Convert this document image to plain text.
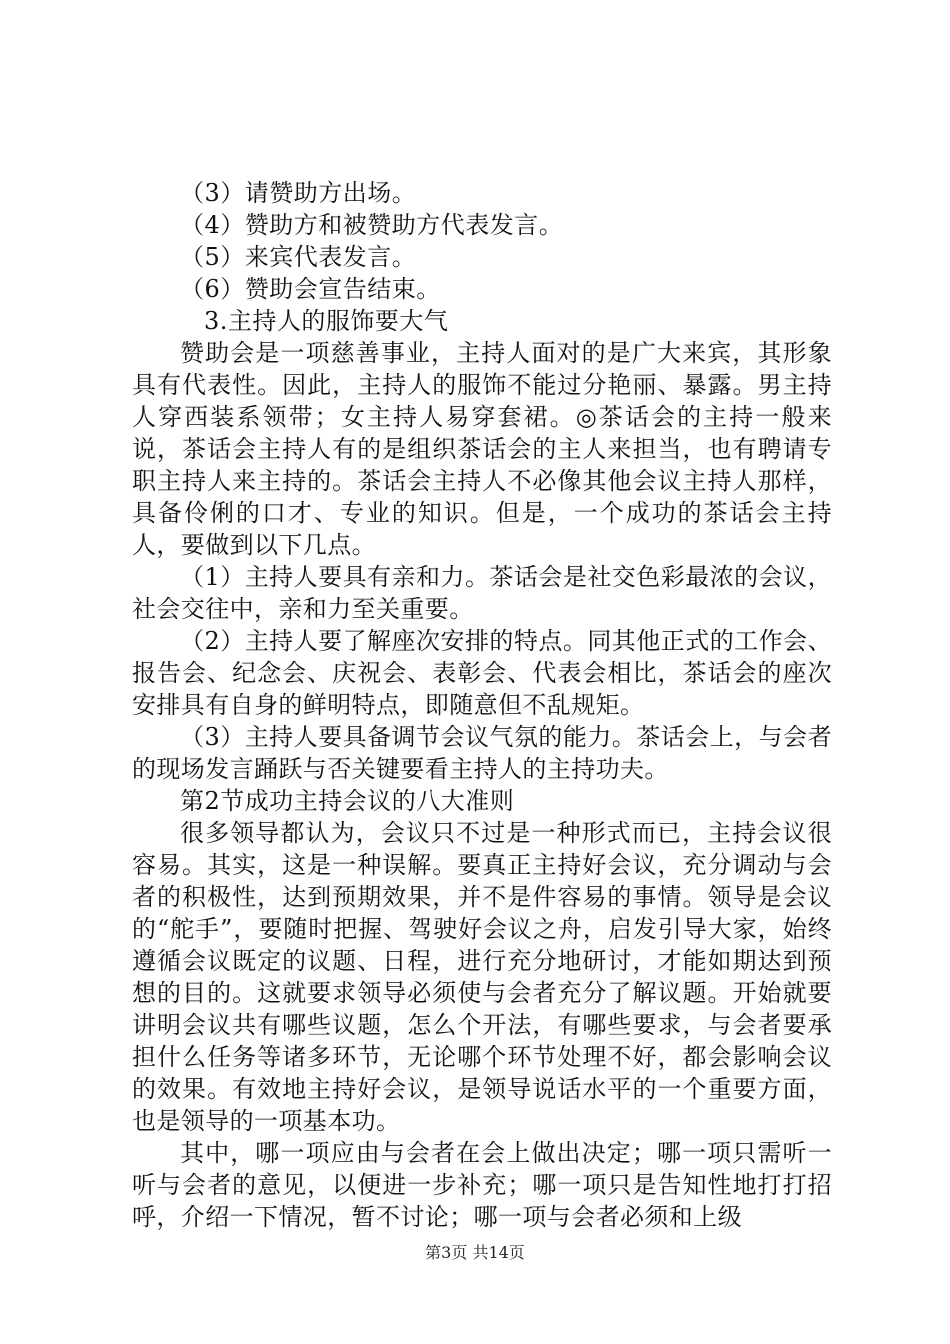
（3）请赞助方出场。
（4）赞助方和被赞助方代表发言。
（5）来宾代表发言。
（6）赞助会宣告结束。
3.主持人的服饰要大气

赞助会是一项慈善事业，主持人面对的是广大来宾，其形象具有代表性。因此，主持人的服饰不能过分艳丽、暴露。男主持人穿西装系领带；女主持人易穿套裙。◎茶话会的主持一般来说，茶话会主持人有的是组织茶话会的主人来担当，也有聘请专职主持人来主持的。茶话会主持人不必像其他会议主持人那样，具备伶俐的口才、专业的知识。但是，一个成功的茶话会主持人，要做到以下几点。

（1）主持人要具有亲和力。茶话会是社交色彩最浓的会议，社会交往中，亲和力至关重要。

（2）主持人要了解座次安排的特点。同其他正式的工作会、报告会、纪念会、庆祝会、表彰会、代表会相比，茶话会的座次安排具有自身的鲜明特点，即随意但不乱规矩。

（3）主持人要具备调节会议气氛的能力。茶话会上，与会者的现场发言踊跃与否关键要看主持人的主持功夫。

第2节成功主持会议的八大准则

很多领导都认为，会议只不过是一种形式而已，主持会议很容易。其实，这是一种误解。要真正主持好会议，充分调动与会者的积极性，达到预期效果，并不是件容易的事情。领导是会议的“舵手”，要随时把握、驾驶好会议之舟，启发引导大家，始终遵循会议既定的议题、日程，进行充分地研讨，才能如期达到预想的目的。这就要求领导必须使与会者充分了解议题。开始就要讲明会议共有哪些议题，怎么个开法，有哪些要求，与会者要承担什么任务等诸多环节，无论哪个环节处理不好，都会影响会议的效果。有效地主持好会议，是领导说话水平的一个重要方面，也是领导的一项基本功。

其中，哪一项应由与会者在会上做出决定；哪一项只需听一听与会者的意见，以便进一步补充；哪一项只是告知性地打打招呼，介绍一下情况，暂不讨论；哪一项与会者必须和上级

第3页 共14页
